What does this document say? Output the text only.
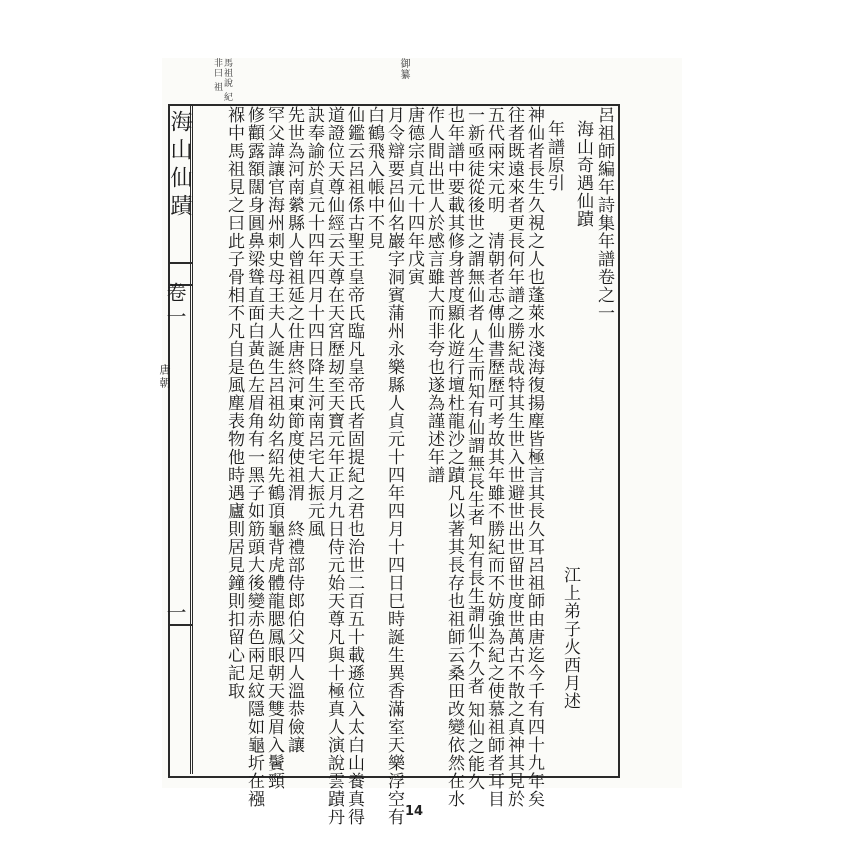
馬祖說 紀非曰 祖	御纂
海山仙蹟
卷一
唐朝
一
呂祖師編年詩集年譜卷之一
海山奇遇仙蹟
江上弟子火西月述
年譜原引
神仙者長生久視之人也蓬萊水淺海復揚塵皆極言其長久耳呂祖師由唐迄今千有四十九年矣
往者既遠來者更長何年譜之勝紀哉特其生世入世避世出世留世度世萬古不散之真神其見於
五代兩宋元明　清朝者志傳仙書歷歷可考故其年雖不勝紀而不妨強為紀之使慕祖師者耳目
一新亟徒從後世之謂無仙者 人生而知有仙謂無長生者 知有長生謂仙不久者 知仙之能久
也年譜中要載其修身普度顯化遊行壇杜龍沙之蹟凡以著其長存也祖師云桑田改變依然在水
作人間出世人於感言雖大而非夸也遂為謹述年譜
唐德宗貞元十四年戊寅
月令辯要呂仙名巖字洞賓蒲州永樂縣人貞元十四年四月十四日巳時誕生異香滿室天樂浮空有
白鶴飛入帳中不見
仙鑑云呂祖係古聖王皇帝氏臨凡皇帝氏者固提紀之君也治世二百五十載遜位入太白山養真得
道證位天尊仙經云天尊在天宮歷刼至天寶元年正月九日侍元始天尊凡與十極真人演說雲蹟丹
訣奉諭於貞元十四年四月十四日降生河南呂宅大振元風
先世為河南縈縣人曾祖延之仕唐終河東節度使祖渭　終禮部侍郎伯父四人溫恭儉讓
罕父諱讓官海州刺史母王夫人誕生呂祖幼名紹先鶴頂龜背虎體龍腮鳳眼朝天雙眉入鬢頸
修顴露額闊身圓鼻梁聳直面白黃色左眉角有一黑子如筋頭大後變赤色兩足紋隱如龜圻在襁
褓中馬祖見之曰此子骨相不凡自是風塵表物他時遇廬則居見鐘則扣留心記取
14
